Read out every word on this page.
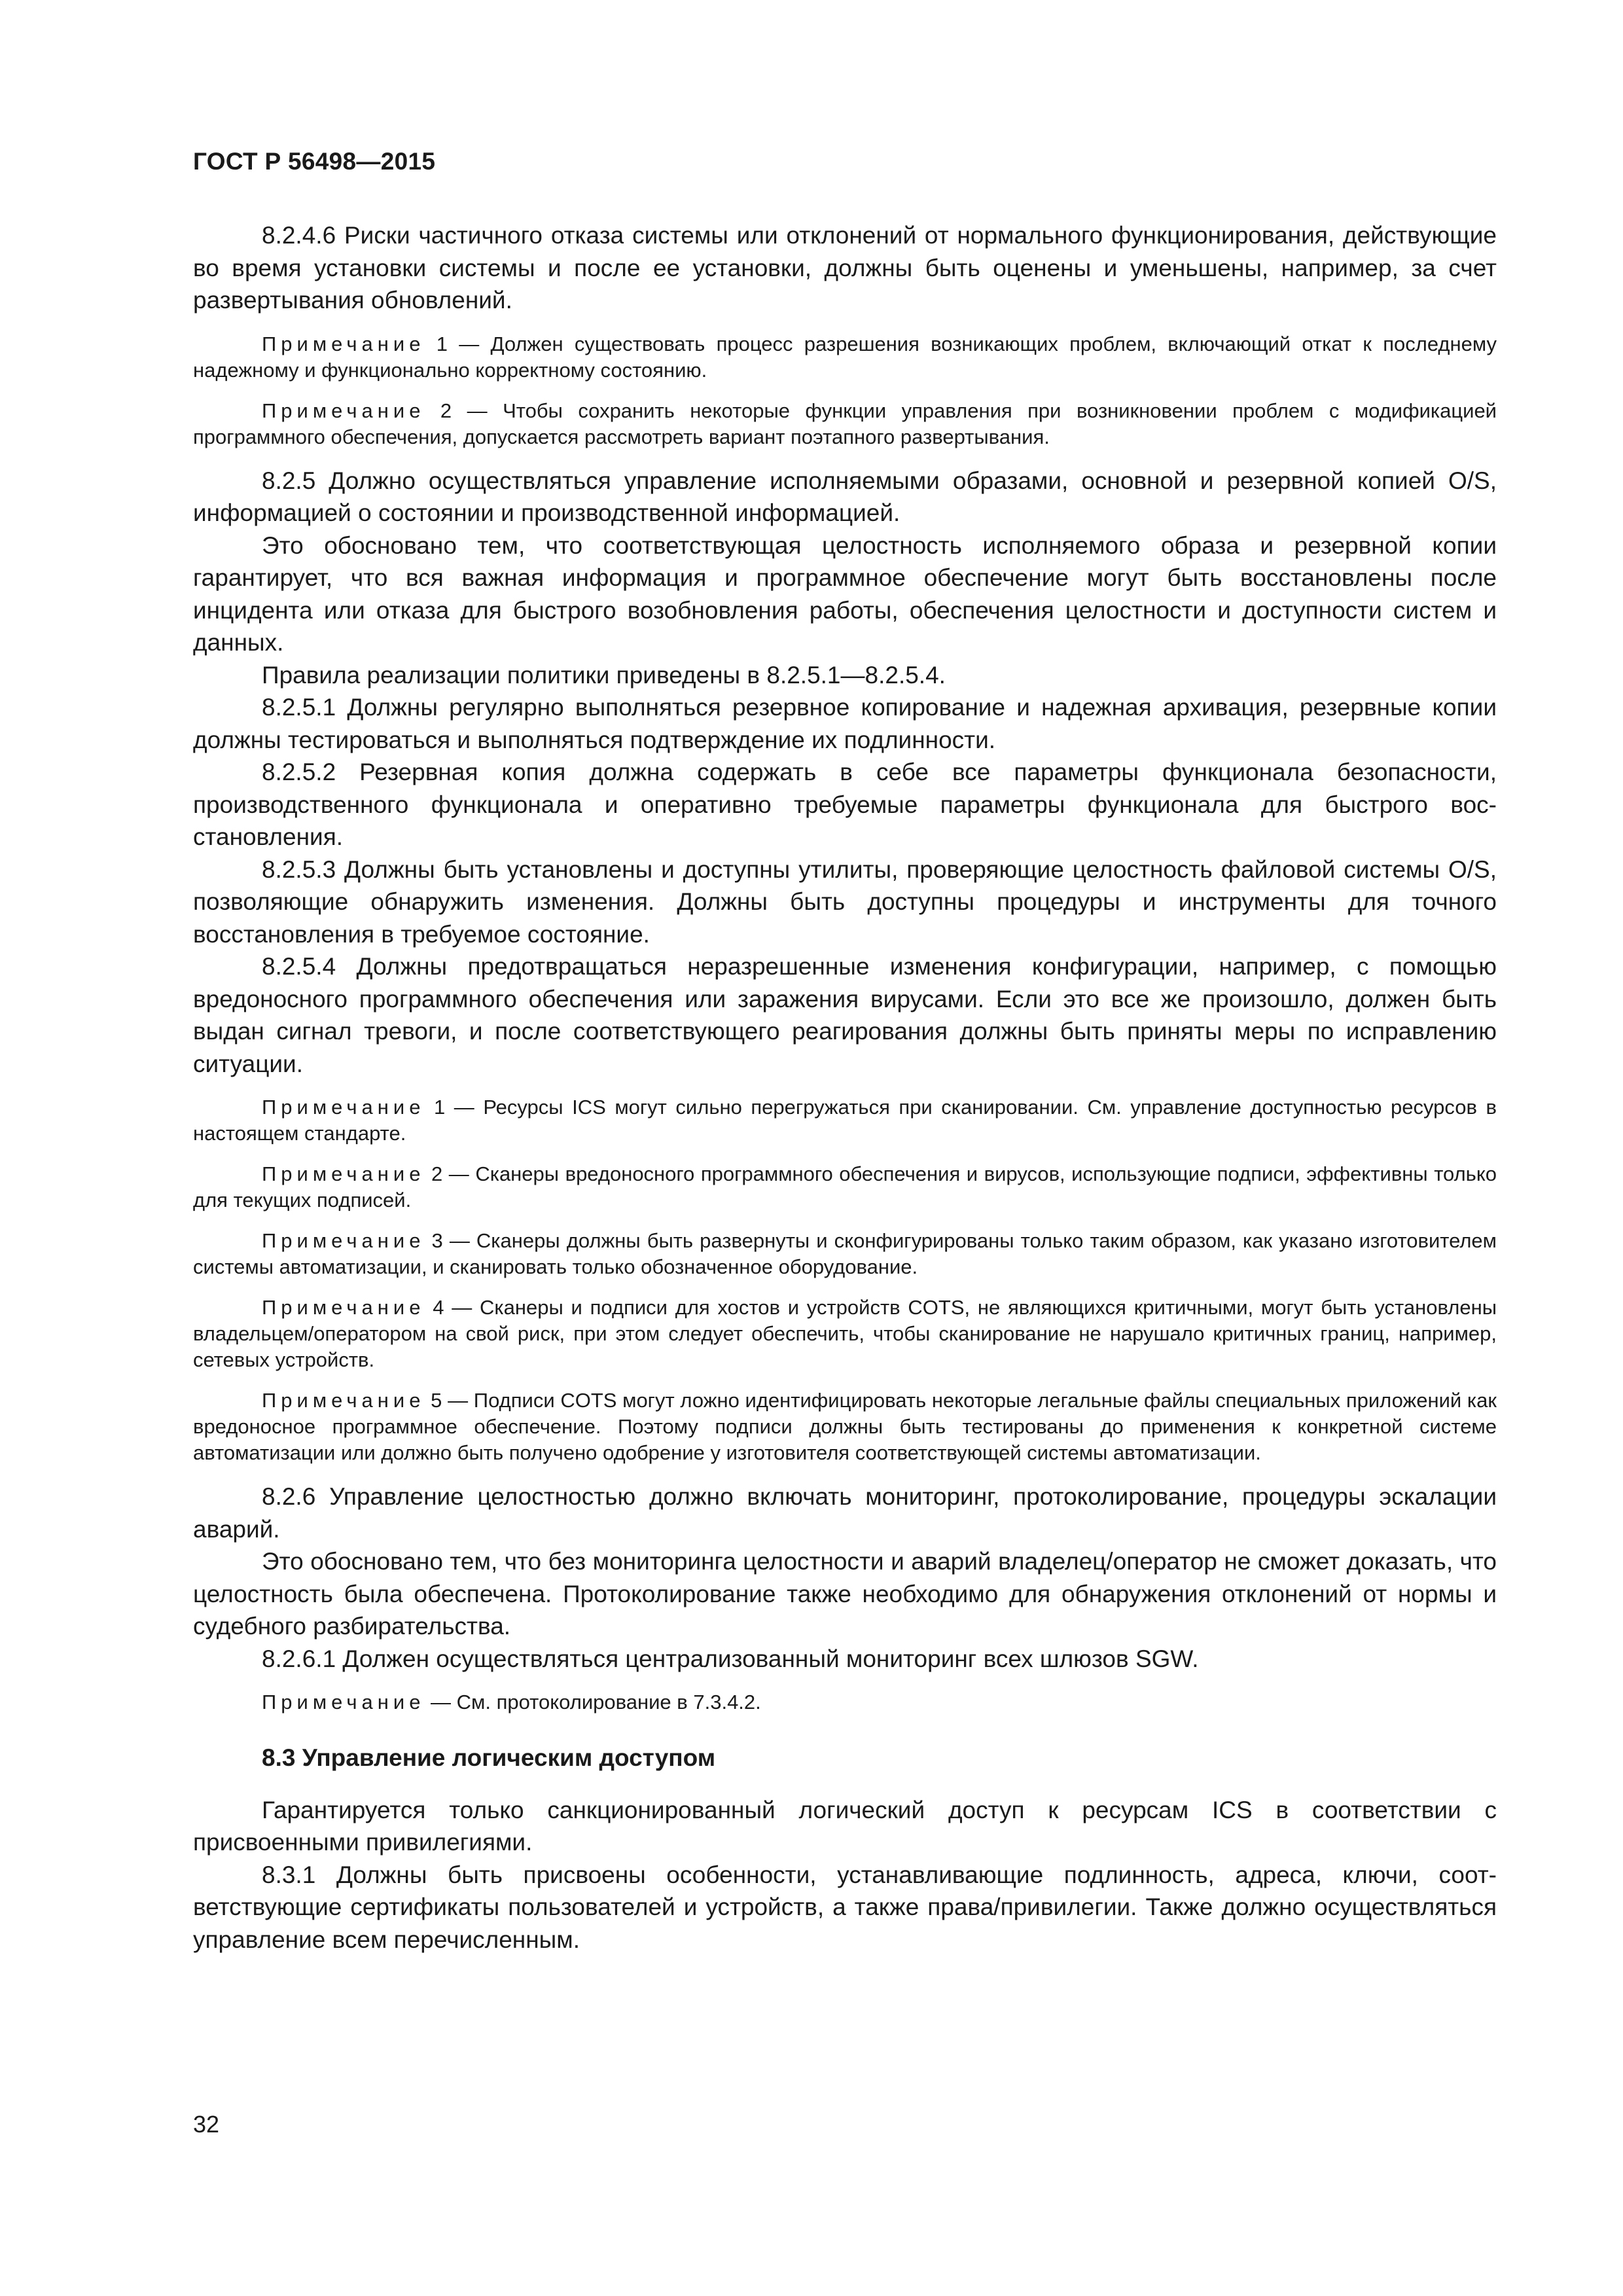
ГОСТ Р 56498—2015

8.2.4.6 Риски частичного отказа системы или отклонений от нормального функционирования, действующие во время установки системы и после ее установки, должны быть оценены и уменьшены, например, за счет развертывания обновлений.

Примечание 1 — Должен существовать процесс разрешения возникающих проблем, включающий откат к последнему надежному и функционально корректному состоянию.

Примечание 2 — Чтобы сохранить некоторые функции управления при возникновении проблем с модификацией программного обеспечения, допускается рассмотреть вариант поэтапного развертывания.

8.2.5 Должно осуществляться управление исполняемыми образами, основной и резервной копией O/S, информацией о состоянии и производственной информацией.

Это обосновано тем, что соответствующая целостность исполняемого образа и резервной копии гарантирует, что вся важная информация и программное обеспечение могут быть восстановлены после инцидента или отказа для быстрого возобновления работы, обеспечения целостности и доступности систем и данных.

Правила реализации политики приведены в 8.2.5.1—8.2.5.4.

8.2.5.1 Должны регулярно выполняться резервное копирование и надежная архивация, резервные копии должны тестироваться и выполняться подтверждение их подлинности.

8.2.5.2 Резервная копия должна содержать в себе все параметры функционала безопасности, производственного функционала и оперативно требуемые параметры функционала для быстрого восстановления.

8.2.5.3 Должны быть установлены и доступны утилиты, проверяющие целостность файловой системы O/S, позволяющие обнаружить изменения. Должны быть доступны процедуры и инструменты для точного восстановления в требуемое состояние.

8.2.5.4 Должны предотвращаться неразрешенные изменения конфигурации, например, с помощью вредоносного программного обеспечения или заражения вирусами. Если это все же произошло, должен быть выдан сигнал тревоги, и после соответствующего реагирования должны быть приняты меры по исправлению ситуации.

Примечание 1 — Ресурсы ICS могут сильно перегружаться при сканировании. См. управление доступностью ресурсов в настоящем стандарте.

Примечание 2 — Сканеры вредоносного программного обеспечения и вирусов, использующие подписи, эффективны только для текущих подписей.

Примечание 3 — Сканеры должны быть развернуты и сконфигурированы только таким образом, как указано изготовителем системы автоматизации, и сканировать только обозначенное оборудование.

Примечание 4 — Сканеры и подписи для хостов и устройств COTS, не являющихся критичными, могут быть установлены владельцем/оператором на свой риск, при этом следует обеспечить, чтобы сканирование не нарушало критичных границ, например, сетевых устройств.

Примечание 5 — Подписи COTS могут ложно идентифицировать некоторые легальные файлы специальных приложений как вредоносное программное обеспечение. Поэтому подписи должны быть тестированы до применения к конкретной системе автоматизации или должно быть получено одобрение у изготовителя соответствующей системы автоматизации.

8.2.6 Управление целостностью должно включать мониторинг, протоколирование, процедуры эскалации аварий.

Это обосновано тем, что без мониторинга целостности и аварий владелец/оператор не сможет доказать, что целостность была обеспечена. Протоколирование также необходимо для обнаружения отклонений от нормы и судебного разбирательства.

8.2.6.1 Должен осуществляться централизованный мониторинг всех шлюзов SGW.

Примечание — См. протоколирование в 7.3.4.2.

8.3 Управление логическим доступом

Гарантируется только санкционированный логический доступ к ресурсам ICS в соответствии с присвоенными привилегиями.

8.3.1 Должны быть присвоены особенности, устанавливающие подлинность, адреса, ключи, соответствующие сертификаты пользователей и устройств, а также права/привилегии. Также должно осуществляться управление всем перечисленным.

32
